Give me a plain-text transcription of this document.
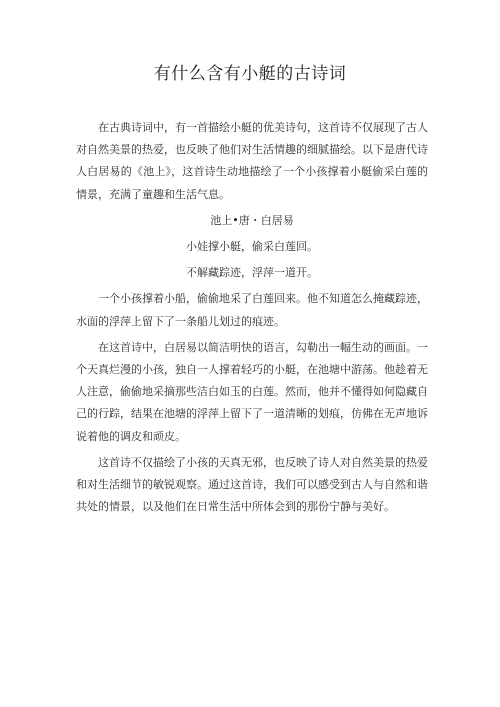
有什么含有小艇的古诗词

在古典诗词中，有一首描绘小艇的优美诗句，这首诗不仅展现了古人对自然美景的热爱，也反映了他们对生活情趣的细腻描绘。以下是唐代诗人白居易的《池上》，这首诗生动地描绘了一个小孩撑着小艇偷采白莲的情景，充满了童趣和生活气息。

池上•唐・白居易

小娃撑小艇，偷采白莲回。

不解藏踪迹，浮萍一道开。

一个小孩撑着小船，偷偷地采了白莲回来。他不知道怎么掩藏踪迹，水面的浮萍上留下了一条船儿划过的痕迹。

在这首诗中，白居易以简洁明快的语言，勾勒出一幅生动的画面。一个天真烂漫的小孩，独自一人撑着轻巧的小艇，在池塘中游荡。他趁着无人注意，偷偷地采摘那些洁白如玉的白莲。然而，他并不懂得如何隐藏自己的行踪，结果在池塘的浮萍上留下了一道清晰的划痕，仿佛在无声地诉说着他的调皮和顽皮。

这首诗不仅描绘了小孩的天真无邪，也反映了诗人对自然美景的热爱和对生活细节的敏锐观察。通过这首诗，我们可以感受到古人与自然和谐共处的情景，以及他们在日常生活中所体会到的那份宁静与美好。
